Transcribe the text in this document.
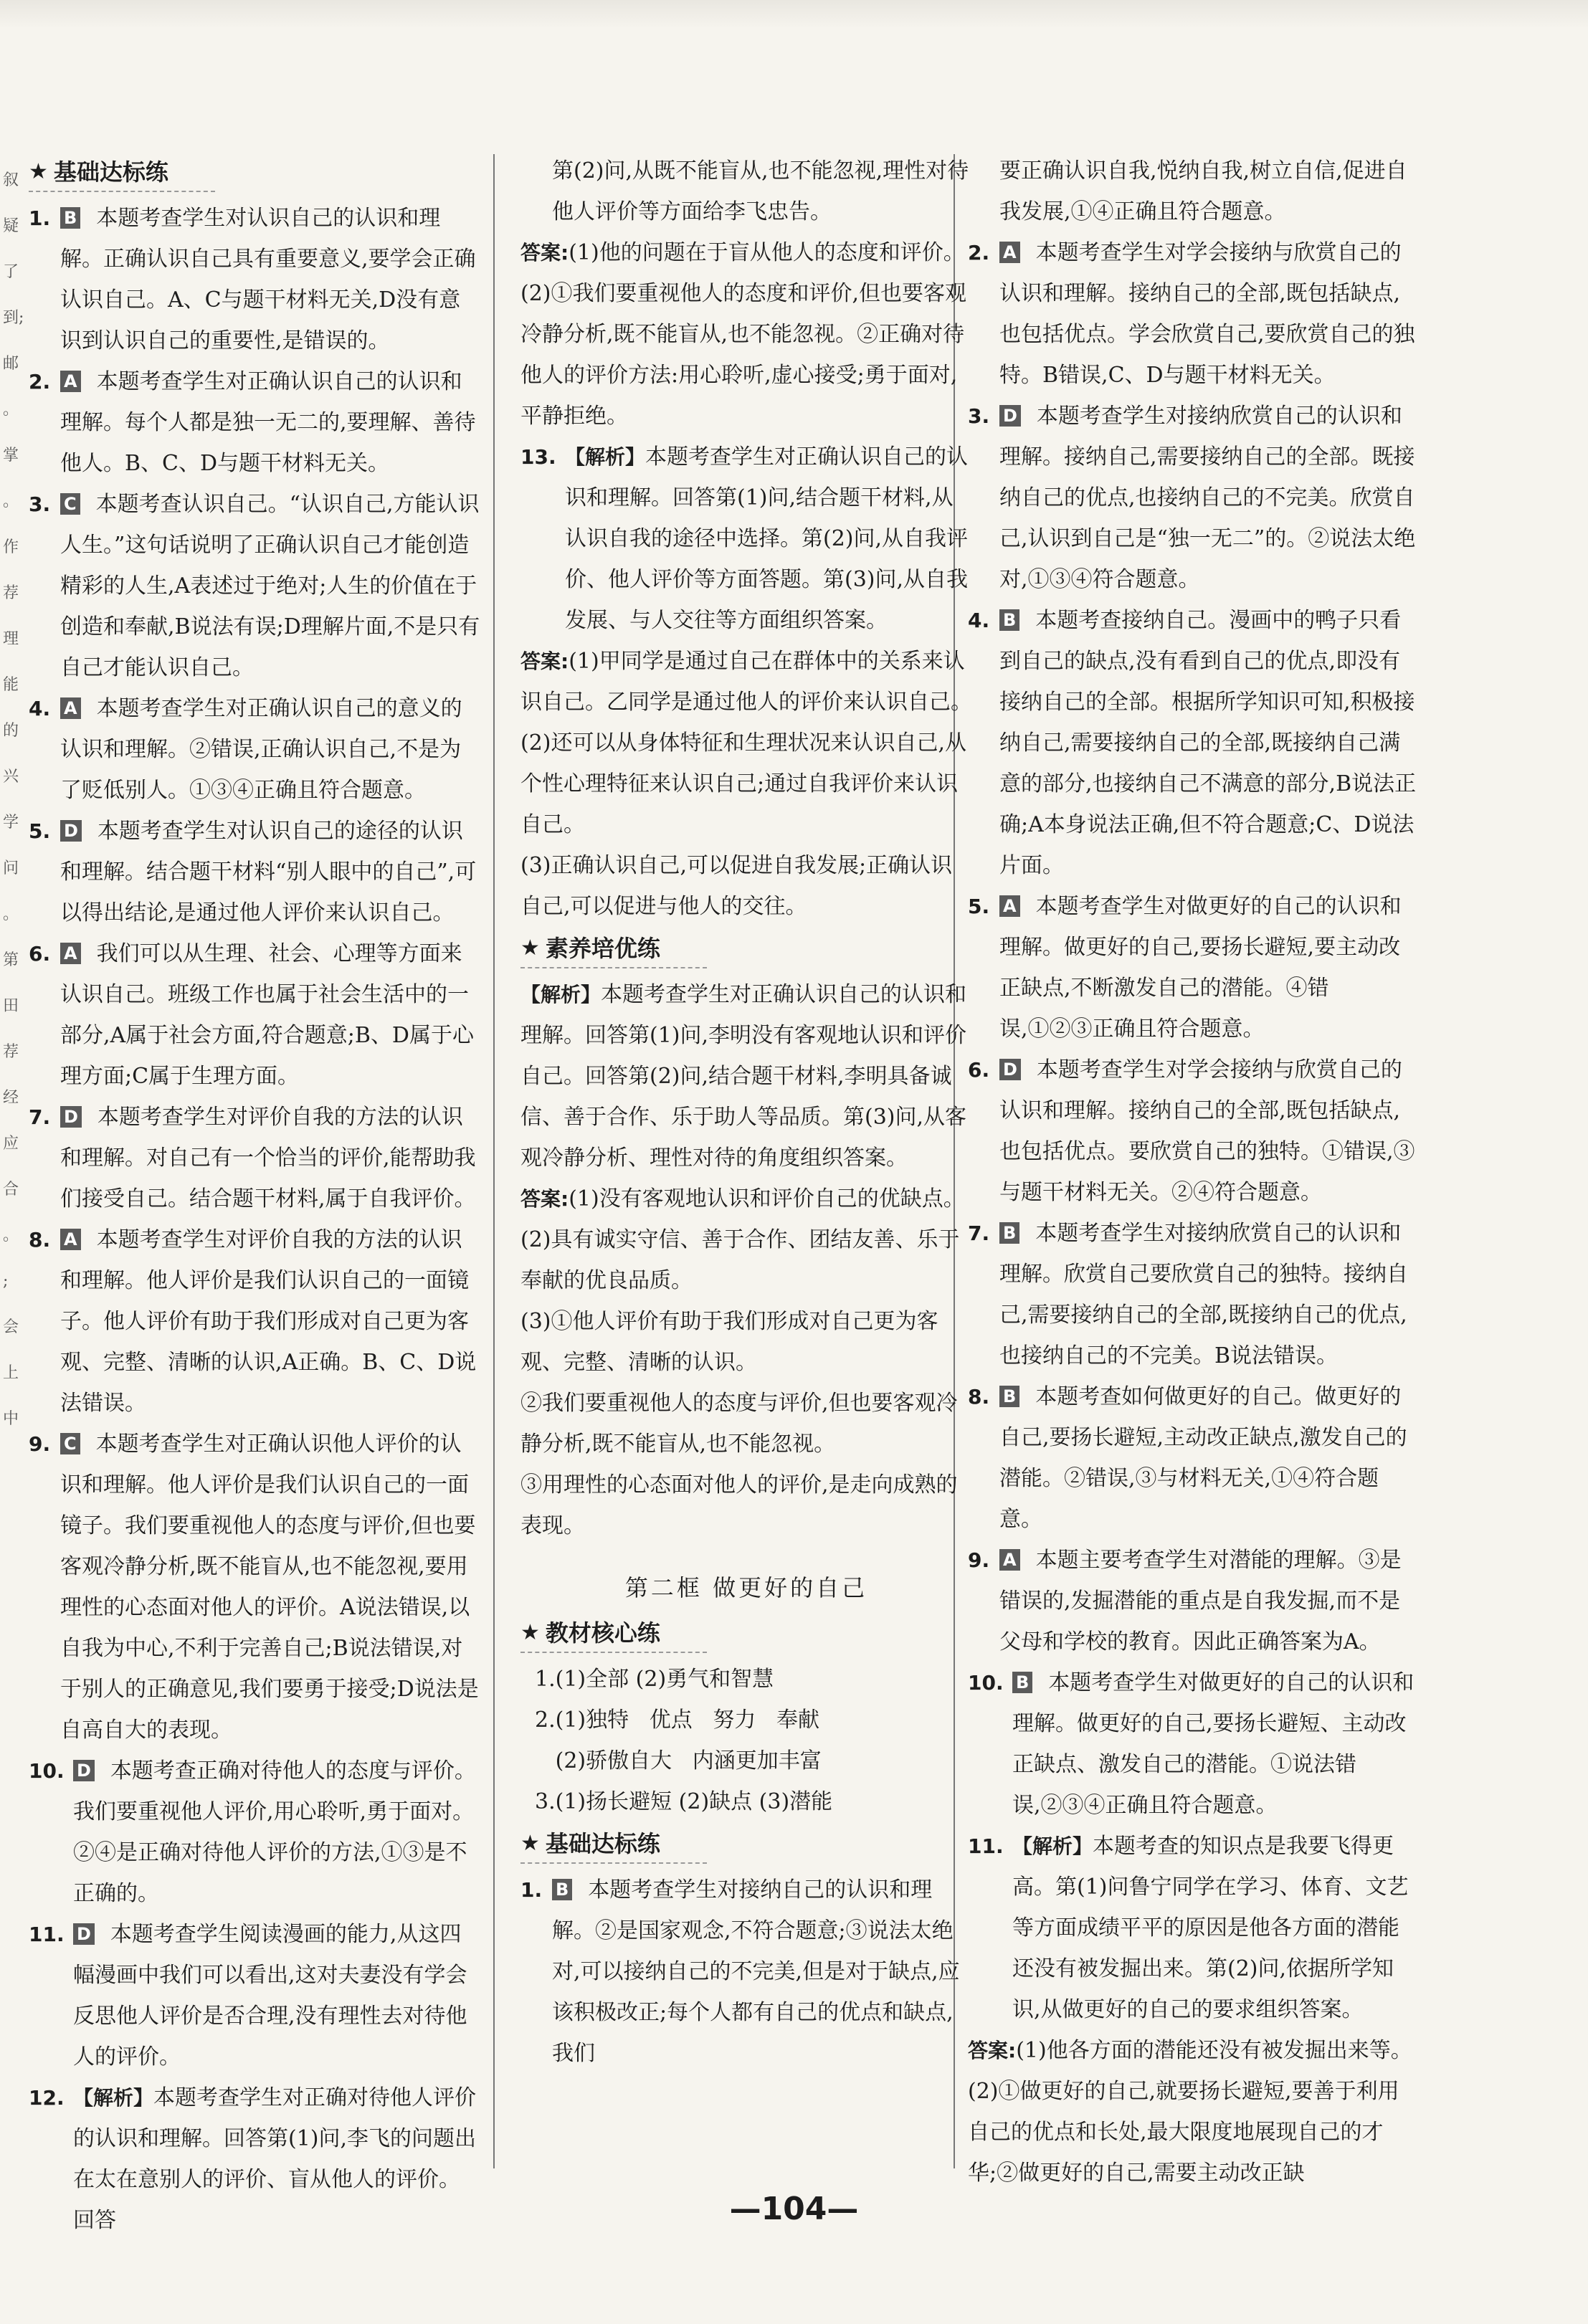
叙 疑了到;邮 。掌 。作 荐 理 能 的 兴 学 问 。 第 田 荐 经 应 合 。 ; 会 上 中
★ 基础达标练
1. B 本题考查学生对认识自己的认识和理解。正确认识自己具有重要意义,要学会正确认识自己。A、C与题干材料无关,D没有意识到认识自己的重要性,是错误的。
2. A 本题考查学生对正确认识自己的认识和理解。每个人都是独一无二的,要理解、善待他人。B、C、D与题干材料无关。
3. C 本题考查认识自己。“认识自己,方能认识人生。”这句话说明了正确认识自己才能创造精彩的人生,A表述过于绝对;人生的价值在于创造和奉献,B说法有误;D理解片面,不是只有自己才能认识自己。
4. A 本题考查学生对正确认识自己的意义的认识和理解。②错误,正确认识自己,不是为了贬低别人。①③④正确且符合题意。
5. D 本题考查学生对认识自己的途径的认识和理解。结合题干材料“别人眼中的自己”,可以得出结论,是通过他人评价来认识自己。
6. A 我们可以从生理、社会、心理等方面来认识自己。班级工作也属于社会生活中的一部分,A属于社会方面,符合题意;B、D属于心理方面;C属于生理方面。
7. D 本题考查学生对评价自我的方法的认识和理解。对自己有一个恰当的评价,能帮助我们接受自己。结合题干材料,属于自我评价。
8. A 本题考查学生对评价自我的方法的认识和理解。他人评价是我们认识自己的一面镜子。他人评价有助于我们形成对自己更为客观、完整、清晰的认识,A正确。B、C、D说法错误。
9. C 本题考查学生对正确认识他人评价的认识和理解。他人评价是我们认识自己的一面镜子。我们要重视他人的态度与评价,但也要客观冷静分析,既不能盲从,也不能忽视,要用理性的心态面对他人的评价。A说法错误,以自我为中心,不利于完善自己;B说法错误,对于别人的正确意见,我们要勇于接受;D说法是自高自大的表现。
10. D 本题考查正确对待他人的态度与评价。我们要重视他人评价,用心聆听,勇于面对。②④是正确对待他人评价的方法,①③是不正确的。
11. D 本题考查学生阅读漫画的能力,从这四幅漫画中我们可以看出,这对夫妻没有学会反思他人评价是否合理,没有理性去对待他人的评价。
12. 【解析】本题考查学生对正确对待他人评价的认识和理解。回答第(1)问,李飞的问题出在太在意别人的评价、盲从他人的评价。回答

第(2)问,从既不能盲从,也不能忽视,理性对待他人评价等方面给李飞忠告。

答案:(1)他的问题在于盲从他人的态度和评价。

(2)①我们要重视他人的态度和评价,但也要客观冷静分析,既不能盲从,也不能忽视。②正确对待他人的评价方法:用心聆听,虚心接受;勇于面对,平静拒绝。

13. 【解析】本题考查学生对正确认识自己的认识和理解。回答第(1)问,结合题干材料,从认识自我的途径中选择。第(2)问,从自我评价、他人评价等方面答题。第(3)问,从自我发展、与人交往等方面组织答案。
答案:(1)甲同学是通过自己在群体中的关系来认识自己。乙同学是通过他人的评价来认识自己。

(2)还可以从身体特征和生理状况来认识自己,从个性心理特征来认识自己;通过自我评价来认识自己。

(3)正确认识自己,可以促进自我发展;正确认识自己,可以促进与他人的交往。

★ 素养培优练
【解析】本题考查学生对正确认识自己的认识和理解。回答第(1)问,李明没有客观地认识和评价自己。回答第(2)问,结合题干材料,李明具备诚信、善于合作、乐于助人等品质。第(3)问,从客观冷静分析、理性对待的角度组织答案。
答案:(1)没有客观地认识和评价自己的优缺点。

(2)具有诚实守信、善于合作、团结友善、乐于奉献的优良品质。

(3)①他人评价有助于我们形成对自己更为客观、完整、清晰的认识。

②我们要重视他人的态度与评价,但也要客观冷静分析,既不能盲从,也不能忽视。

③用理性的心态面对他人的评价,是走向成熟的表现。

第二框 做更好的自己
★ 教材核心练

1.(1)全部 (2)勇气和智慧

2.(1)独特   优点   努力   奉献

(2)骄傲自大   内涵更加丰富

3.(1)扬长避短 (2)缺点 (3)潜能

★ 基础达标练
1. B 本题考查学生对接纳自己的认识和理解。②是国家观念,不符合题意;③说法太绝对,可以接纳自己的不完美,但是对于缺点,应该积极改正;每个人都有自己的优点和缺点,我们

要正确认识自我,悦纳自我,树立自信,促进自我发展,①④正确且符合题意。

2. A 本题考查学生对学会接纳与欣赏自己的认识和理解。接纳自己的全部,既包括缺点,也包括优点。学会欣赏自己,要欣赏自己的独特。B错误,C、D与题干材料无关。
3. D 本题考查学生对接纳欣赏自己的认识和理解。接纳自己,需要接纳自己的全部。既接纳自己的优点,也接纳自己的不完美。欣赏自己,认识到自己是“独一无二”的。②说法太绝对,①③④符合题意。
4. B 本题考查接纳自己。漫画中的鸭子只看到自己的缺点,没有看到自己的优点,即没有接纳自己的全部。根据所学知识可知,积极接纳自己,需要接纳自己的全部,既接纳自己满意的部分,也接纳自己不满意的部分,B说法正确;A本身说法正确,但不符合题意;C、D说法片面。
5. A 本题考查学生对做更好的自己的认识和理解。做更好的自己,要扬长避短,要主动改正缺点,不断激发自己的潜能。④错误,①②③正确且符合题意。
6. D 本题考查学生对学会接纳与欣赏自己的认识和理解。接纳自己的全部,既包括缺点,也包括优点。要欣赏自己的独特。①错误,③与题干材料无关。②④符合题意。
7. B 本题考查学生对接纳欣赏自己的认识和理解。欣赏自己要欣赏自己的独特。接纳自己,需要接纳自己的全部,既接纳自己的优点,也接纳自己的不完美。B说法错误。
8. B 本题考查如何做更好的自己。做更好的自己,要扬长避短,主动改正缺点,激发自己的潜能。②错误,③与材料无关,①④符合题意。
9. A 本题主要考查学生对潜能的理解。③是错误的,发掘潜能的重点是自我发掘,而不是父母和学校的教育。因此正确答案为A。
10. B 本题考查学生对做更好的自己的认识和理解。做更好的自己,要扬长避短、主动改正缺点、激发自己的潜能。①说法错误,②③④正确且符合题意。
11. 【解析】本题考查的知识点是我要飞得更高。第(1)问鲁宁同学在学习、体育、文艺等方面成绩平平的原因是他各方面的潜能还没有被发掘出来。第(2)问,依据所学知识,从做更好的自己的要求组织答案。
答案:(1)他各方面的潜能还没有被发掘出来等。

(2)①做更好的自己,就要扬长避短,要善于利用自己的优点和长处,最大限度地展现自己的才华;②做更好的自己,需要主动改正缺

—104—
